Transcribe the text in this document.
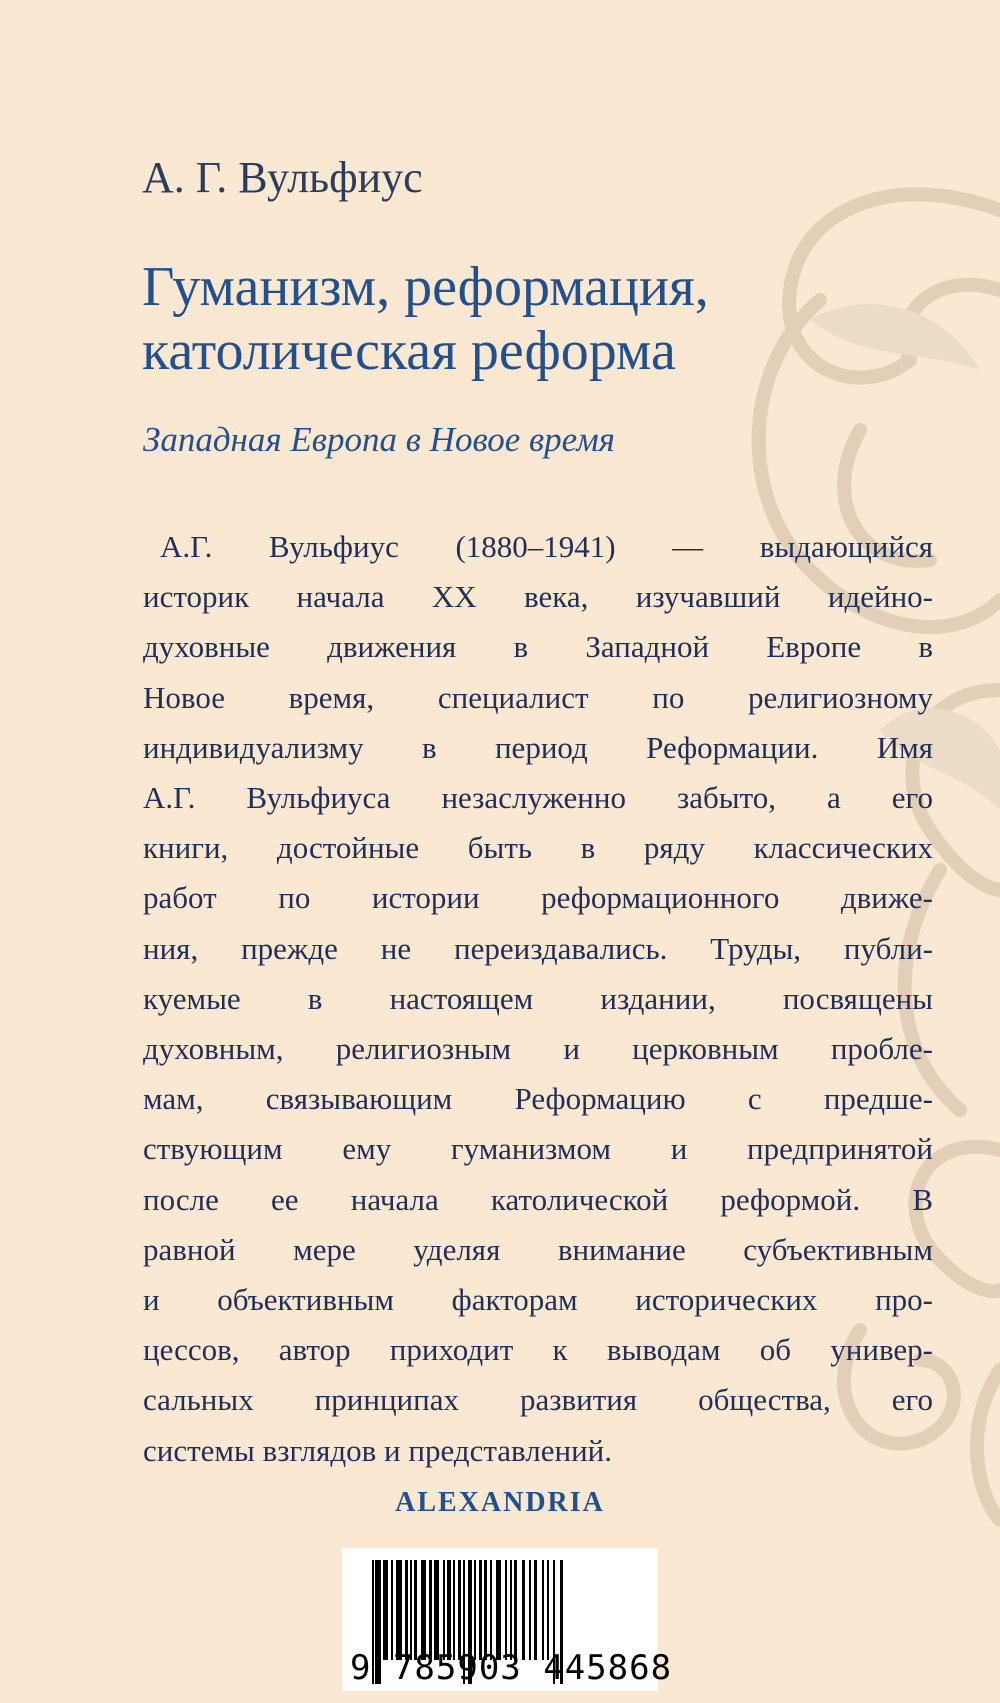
А. Г. Вульфиус
Гуманизм, реформация,
католическая реформа
Западная Европа в Новое время
А.Г. Вульфиус (1880–1941) — выдающийся
историк начала XX века, изучавший идейно-
духовные движения в Западной Европе в
Новое время, специалист по религиозному
индивидуализму в период Реформации. Имя
А.Г. Вульфиуса незаслуженно забыто, а его
книги, достойные быть в ряду классических
работ по истории реформационного движе-
ния, прежде не переиздавались. Труды, публи-
куемые в настоящем издании, посвящены
духовным, религиозным и церковным пробле-
мам, связывающим Реформацию с предше-
ствующим ему гуманизмом и предпринятой
после ее начала католической реформой. В
равной мере уделяя внимание субъективным
и объективным факторам исторических про-
цессов, автор приходит к выводам об универ-
сальных принципах развития общества, его
системы взглядов и представлений.
ALEXANDRIA
9 785903 445868
